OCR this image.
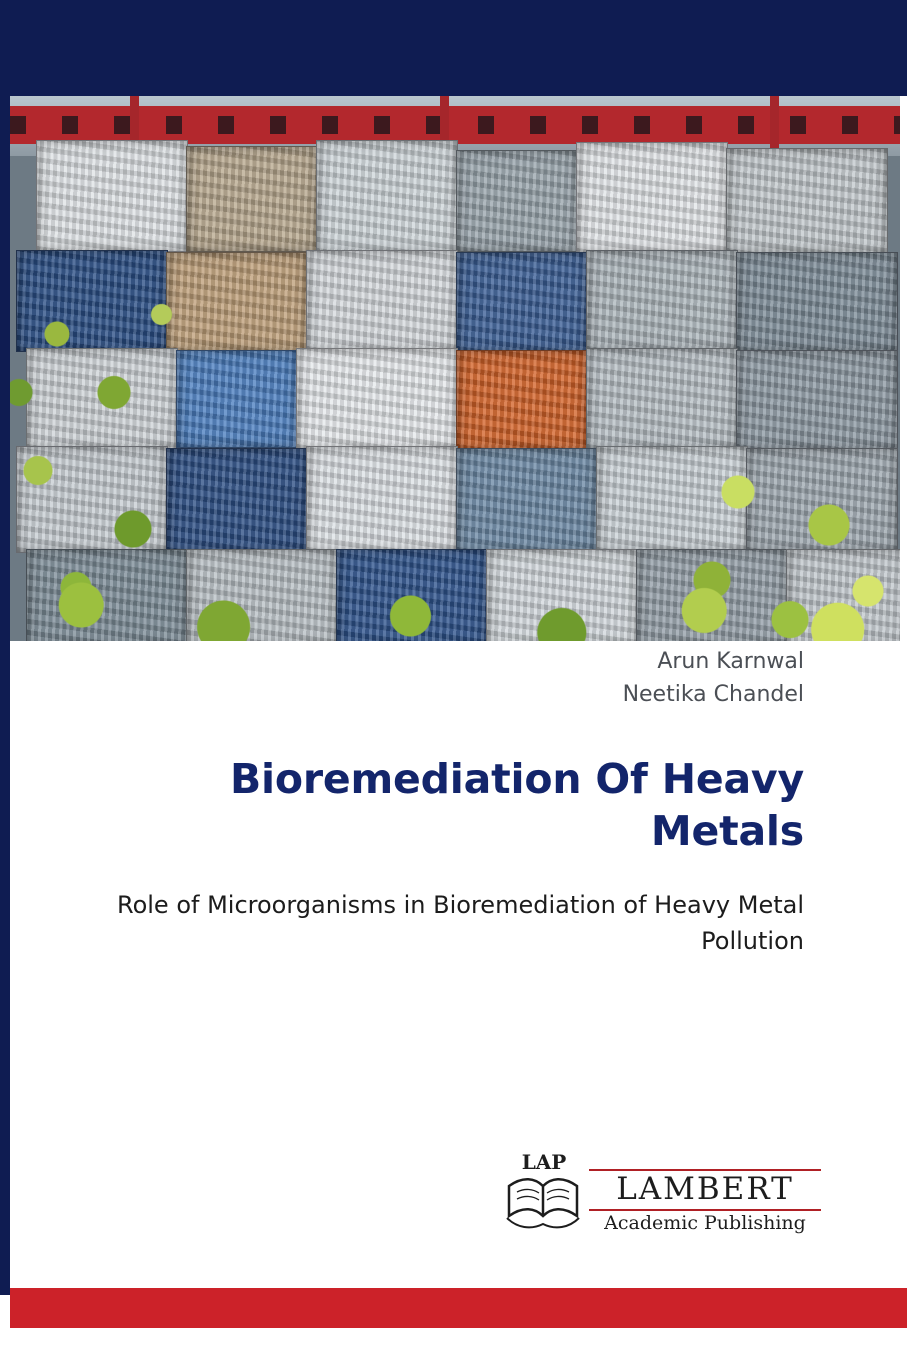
Arun Karnwal
Neetika Chandel
Bioremediation Of Heavy Metals
Role of Microorganisms in Bioremediation of Heavy Metal Pollution
LAP
LAMBERT
Academic Publishing
